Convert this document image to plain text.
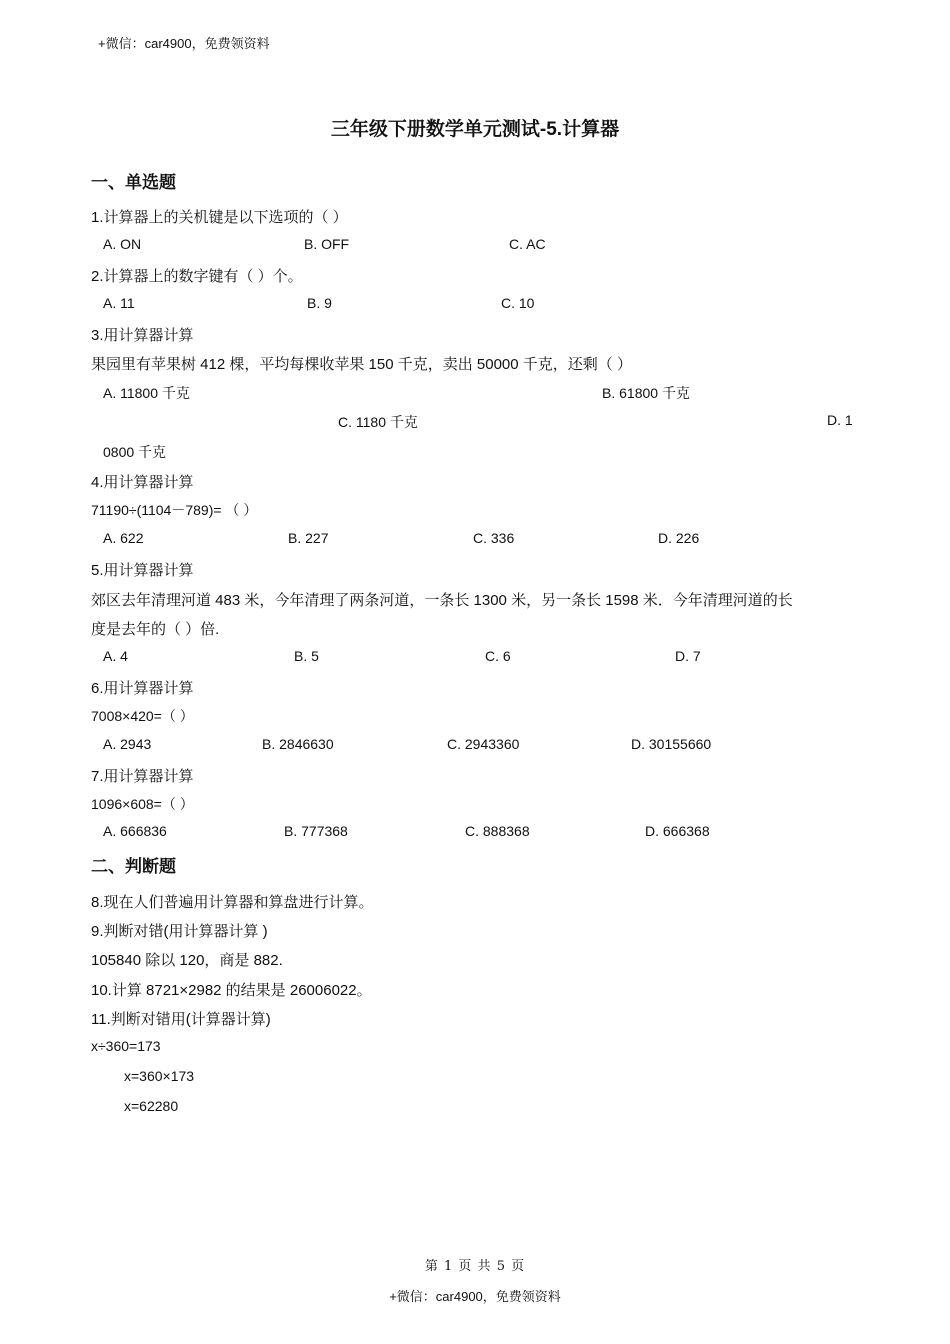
+微信：car4900，免费领资料
三年级下册数学单元测试-5.计算器
一、单选题
1.计算器上的关机键是以下选项的（ ）
A. ON	B. OFF	C. AC
2.计算器上的数字键有（ ）个。
A. 11	B. 9	C. 10
3.用计算器计算
果园里有苹果树 412 棵，平均每棵收苹果 150 千克，卖出 50000 千克，还剩（ ）
A. 11800 千克	B. 61800 千克
C. 1180 千克	D. 1
0800 千克
4.用计算器计算
71190÷(1104－789)= （ ）
A. 622	B. 227	C. 336	D. 226
5.用计算器计算
郊区去年清理河道 483 米，今年清理了两条河道，一条长 1300 米，另一条长 1598 米．今年清理河道的长
度是去年的（ ）倍.
A. 4	B. 5	C. 6	D. 7
6.用计算器计算
7008×420=（ ）
A. 2943	B. 2846630	C. 2943360	D. 30155660
7.用计算器计算
1096×608=（ ）
A. 666836	B. 777368	C. 888368	D. 666368
二、判断题
8.现在人们普遍用计算器和算盘进行计算。
9.判断对错(用计算器计算 )
105840 除以 120，商是 882.
10.计算 8721×2982 的结果是 26006022。
11.判断对错用(计算器计算)
x÷360=173
x=360×173
x=62280
第 1 页 共 5 页
+微信：car4900，免费领资料
